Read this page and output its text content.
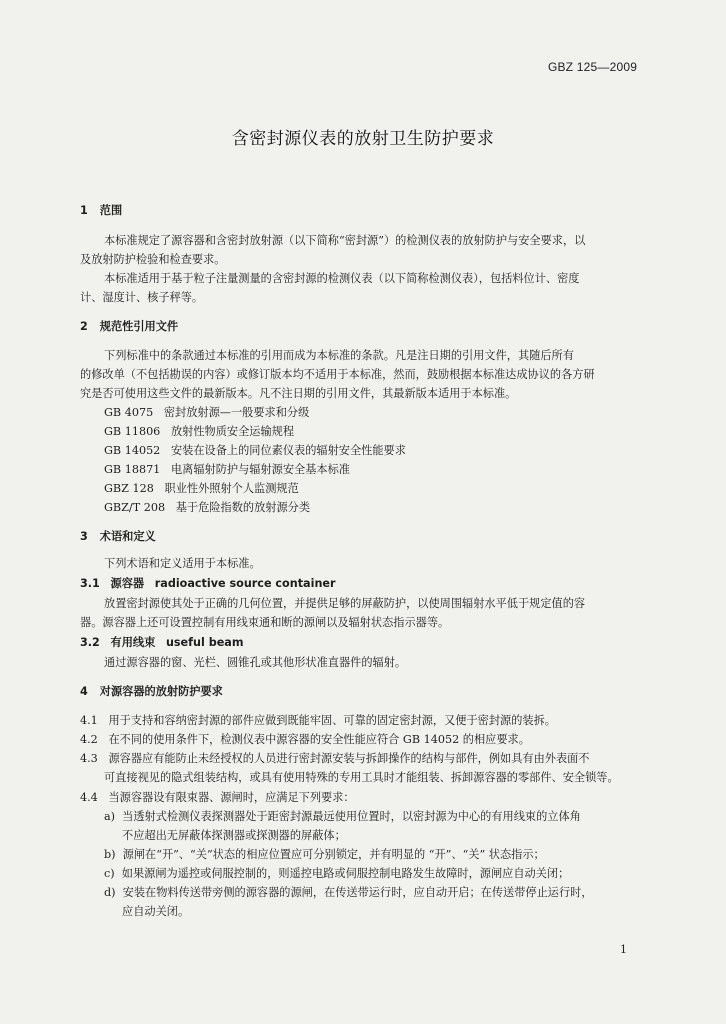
GBZ 125—2009
含密封源仪表的放射卫生防护要求
1 范围
本标准规定了源容器和含密封放射源（以下简称“密封源”）的检测仪表的放射防护与安全要求，以
及放射防护检验和检查要求。
本标准适用于基于粒子注量测量的含密封源的检测仪表（以下简称检测仪表），包括料位计、密度
计、湿度计、核子秤等。
2 规范性引用文件
下列标准中的条款通过本标准的引用而成为本标准的条款。凡是注日期的引用文件，其随后所有
的修改单（不包括勘误的内容）或修订版本均不适用于本标准，然而，鼓励根据本标准达成协议的各方研
究是否可使用这些文件的最新版本。凡不注日期的引用文件，其最新版本适用于本标准。
GB 4075 密封放射源—一般要求和分级
GB 11806 放射性物质安全运输规程
GB 14052 安装在设备上的同位素仪表的辐射安全性能要求
GB 18871 电离辐射防护与辐射源安全基本标准
GBZ 128 职业性外照射个人监测规范
GBZ/T 208 基于危险指数的放射源分类
3 术语和定义
下列术语和定义适用于本标准。
3.1 源容器 radioactive source container
放置密封源使其处于正确的几何位置，并提供足够的屏蔽防护，以使周围辐射水平低于规定值的容
器。源容器上还可设置控制有用线束通和断的源闸以及辐射状态指示器等。
3.2 有用线束 useful beam
通过源容器的窗、光栏、圆锥孔或其他形状准直器件的辐射。
4 对源容器的放射防护要求
4.1 用于支持和容纳密封源的部件应做到既能牢固、可靠的固定密封源，又便于密封源的装拆。
4.2 在不同的使用条件下，检测仪表中源容器的安全性能应符合 GB 14052 的相应要求。
4.3 源容器应有能防止未经授权的人员进行密封源安装与拆卸操作的结构与部件，例如具有由外表面不
可直接视见的隐式组装结构，或具有使用特殊的专用工具时才能组装、拆卸源容器的零部件、安全锁等。
4.4 当源容器设有限束器、源闸时，应满足下列要求：
a) 当透射式检测仪表探测器处于距密封源最远使用位置时，以密封源为中心的有用线束的立体角
不应超出无屏蔽体探测器或探测器的屏蔽体；
b) 源闸在“开”、“关”状态的相应位置应可分别锁定，并有明显的 “开”、“关” 状态指示；
c) 如果源闸为遥控或伺服控制的，则遥控电路或伺服控制电路发生故障时，源闸应自动关闭；
d) 安装在物料传送带旁侧的源容器的源闸，在传送带运行时，应自动开启；在传送带停止运行时，
应自动关闭。
1
